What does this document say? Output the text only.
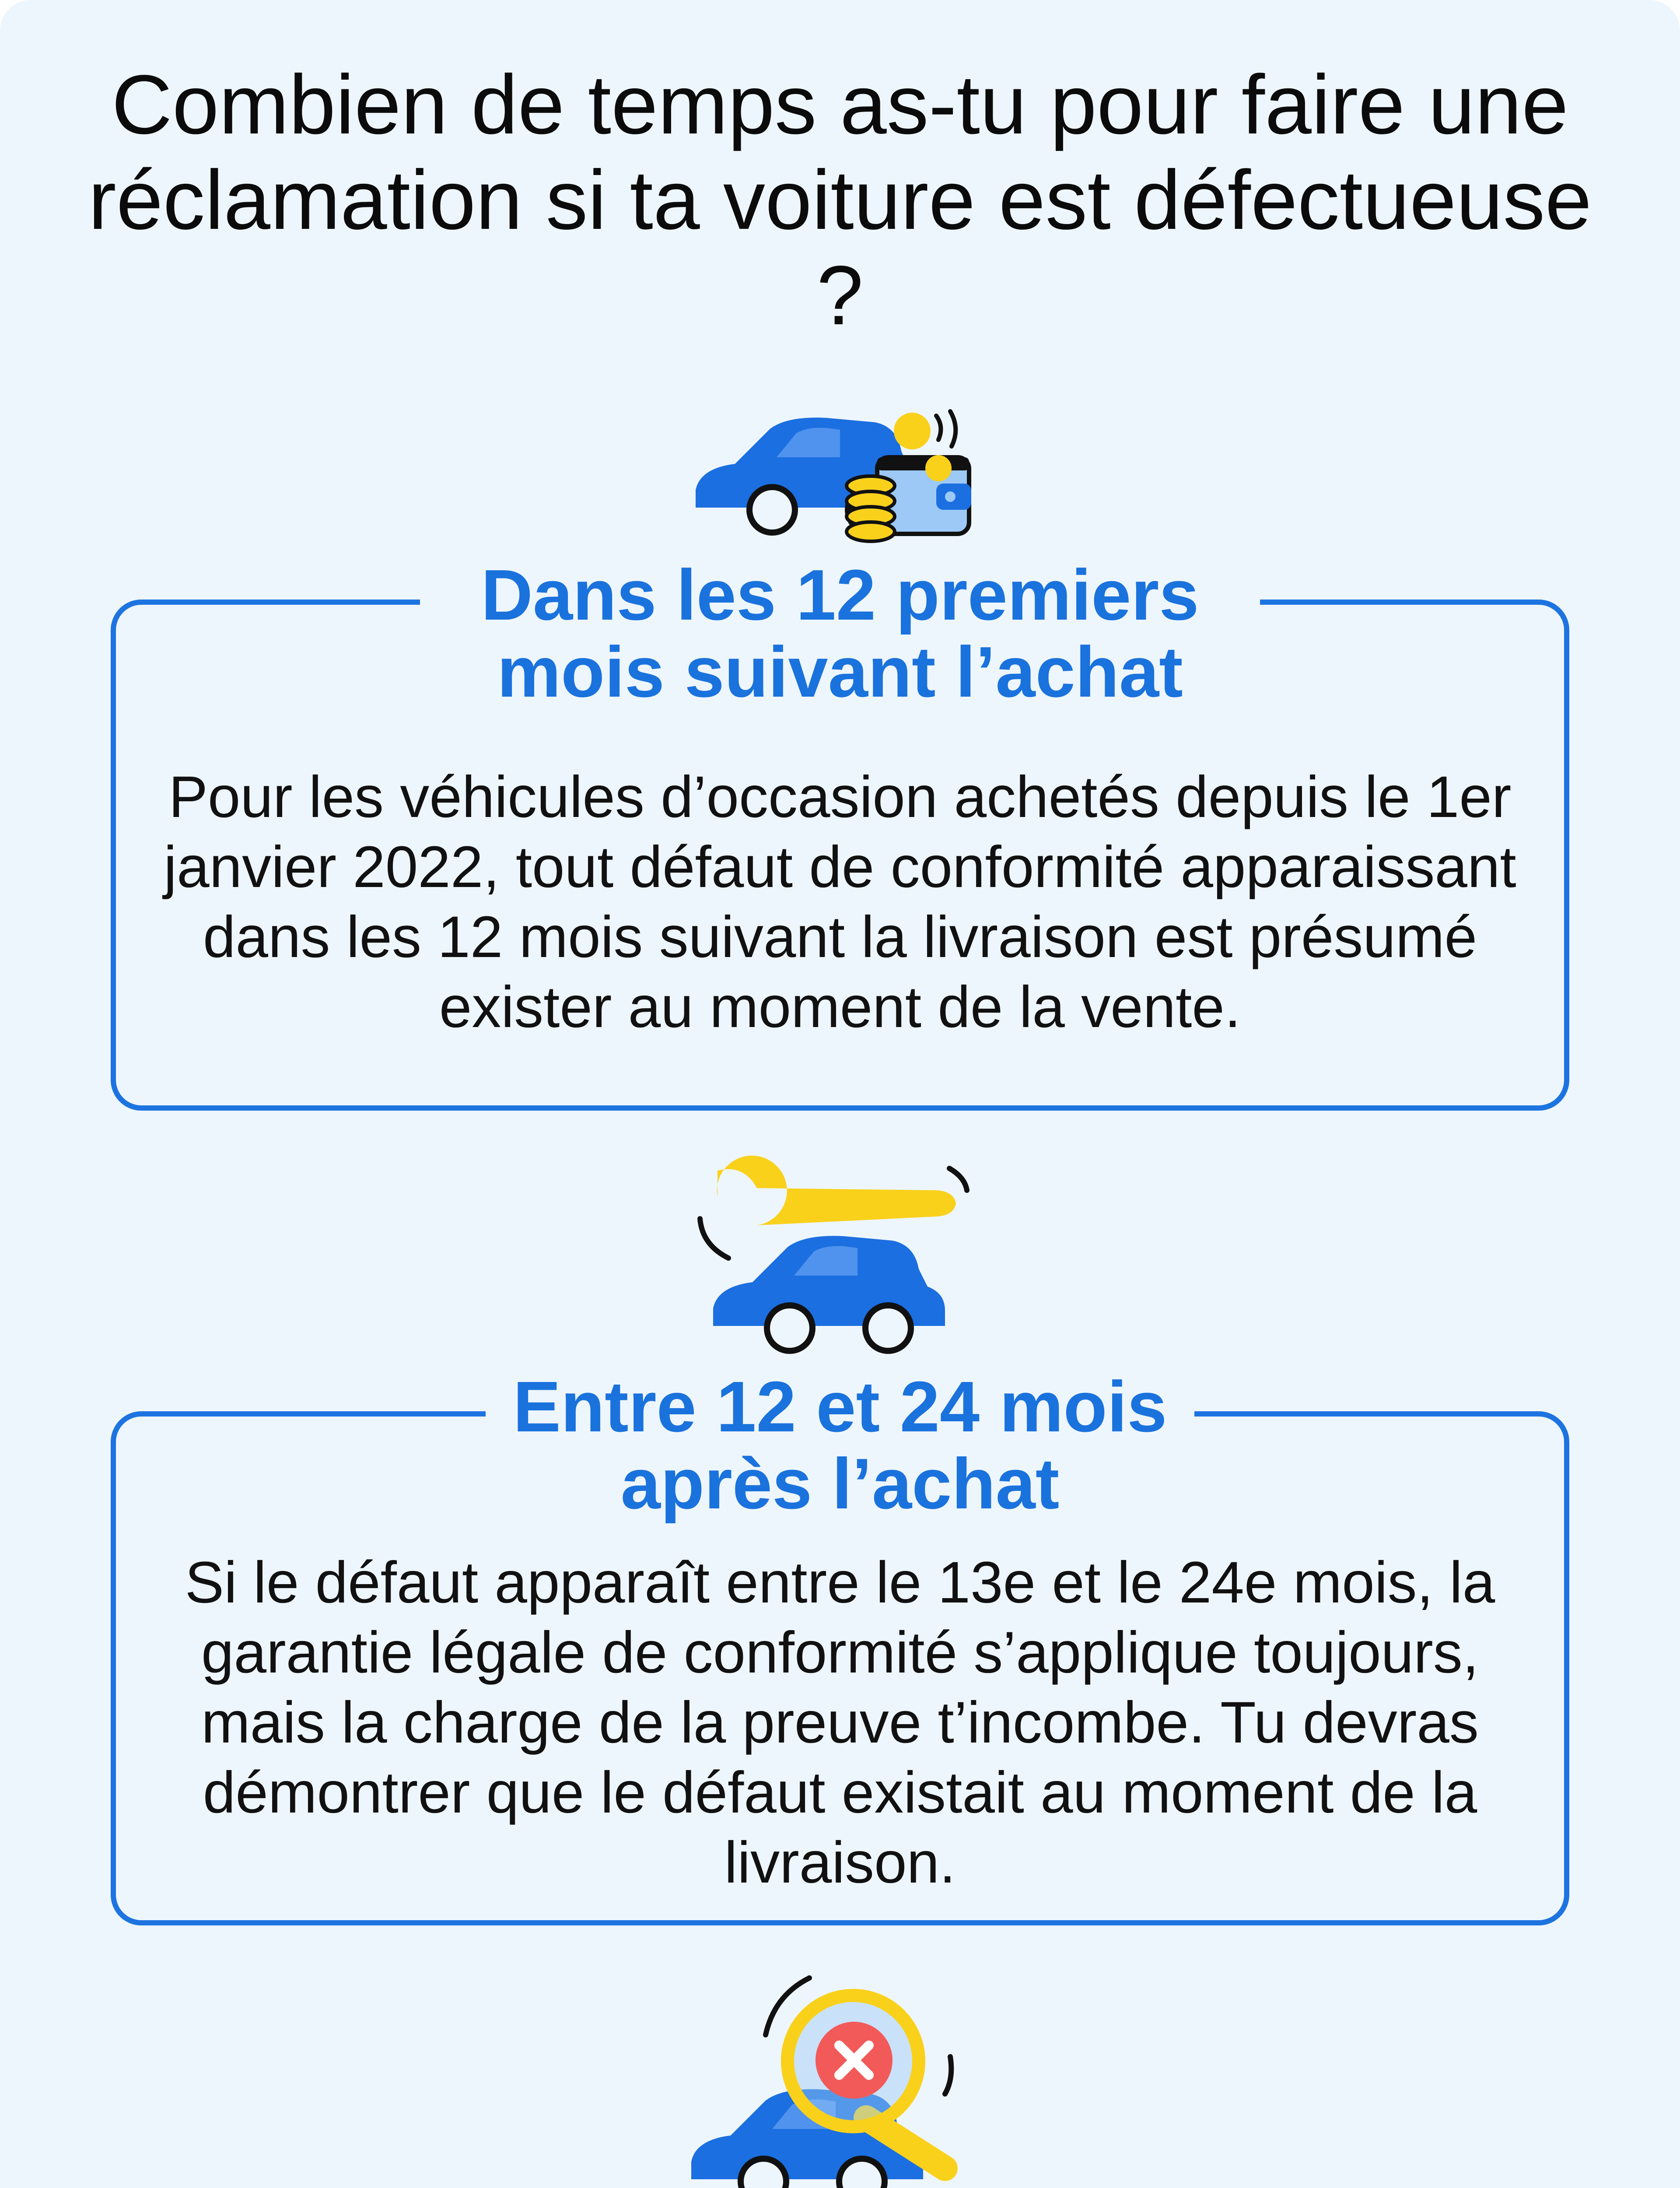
Combien de temps as-tu pour faire une réclamation si ta voiture est défectueuse ?
Dans les 12 premiers mois suivant l’achat

Pour les véhicules d’occasion achetés depuis le 1er janvier 2022, tout défaut de conformité apparaissant dans les 12 mois suivant la livraison est présumé exister au moment de la vente.

Entre 12 et 24 mois après l’achat

Si le défaut apparaît entre le 13e et le 24e mois, la garantie légale de conformité s’applique toujours, mais la charge de la preuve t’incombe. Tu devras démontrer que le défaut existait au moment de la livraison.
